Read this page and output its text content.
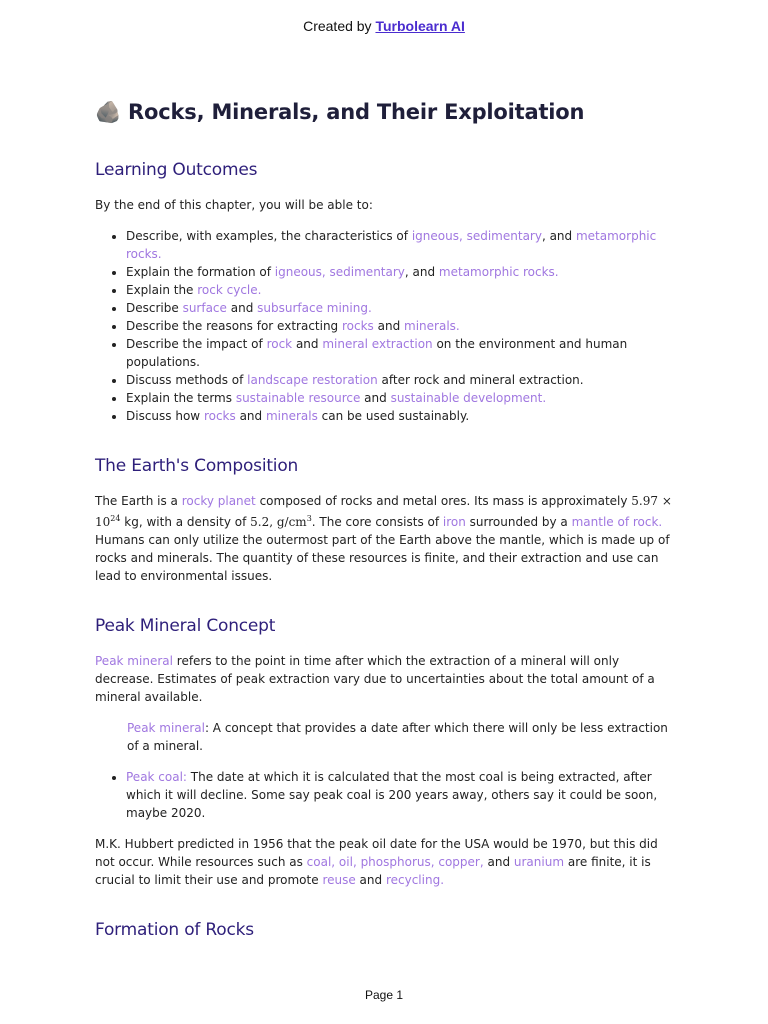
Created by Turbolearn AI
🪨 Rocks, Minerals, and Their Exploitation
Learning Outcomes

By the end of this chapter, you will be able to:

• Describe, with examples, the characteristics of igneous, sedimentary, and metamorphic rocks.
• Explain the formation of igneous, sedimentary, and metamorphic rocks.
• Explain the rock cycle.
• Describe surface and subsurface mining.
• Describe the reasons for extracting rocks and minerals.
• Describe the impact of rock and mineral extraction on the environment and human populations.
• Discuss methods of landscape restoration after rock and mineral extraction.
• Explain the terms sustainable resource and sustainable development.
• Discuss how rocks and minerals can be used sustainably.
The Earth's Composition

The Earth is a rocky planet composed of rocks and metal ores. Its mass is approximately $5.97 \times 10^{24}$ kg, with a density of 5.2, $g/cm^3$. The core consists of iron surrounded by a mantle of rock. Humans can only utilize the outermost part of the Earth above the mantle, which is made up of rocks and minerals. The quantity of these resources is finite, and their extraction and use can lead to environmental issues.

Peak Mineral Concept

Peak mineral refers to the point in time after which the extraction of a mineral will only decrease. Estimates of peak extraction vary due to uncertainties about the total amount of a mineral available.

Peak mineral: A concept that provides a date after which there will only be less extraction of a mineral.

• Peak coal: The date at which it is calculated that the most coal is being extracted, after which it will decline. Some say peak coal is 200 years away, others say it could be soon, maybe 2020.

M.K. Hubbert predicted in 1956 that the peak oil date for the USA would be 1970, but this did not occur. While resources such as coal, oil, phosphorus, copper, and uranium are finite, it is crucial to limit their use and promote reuse and recycling.

Formation of Rocks
Page 1
